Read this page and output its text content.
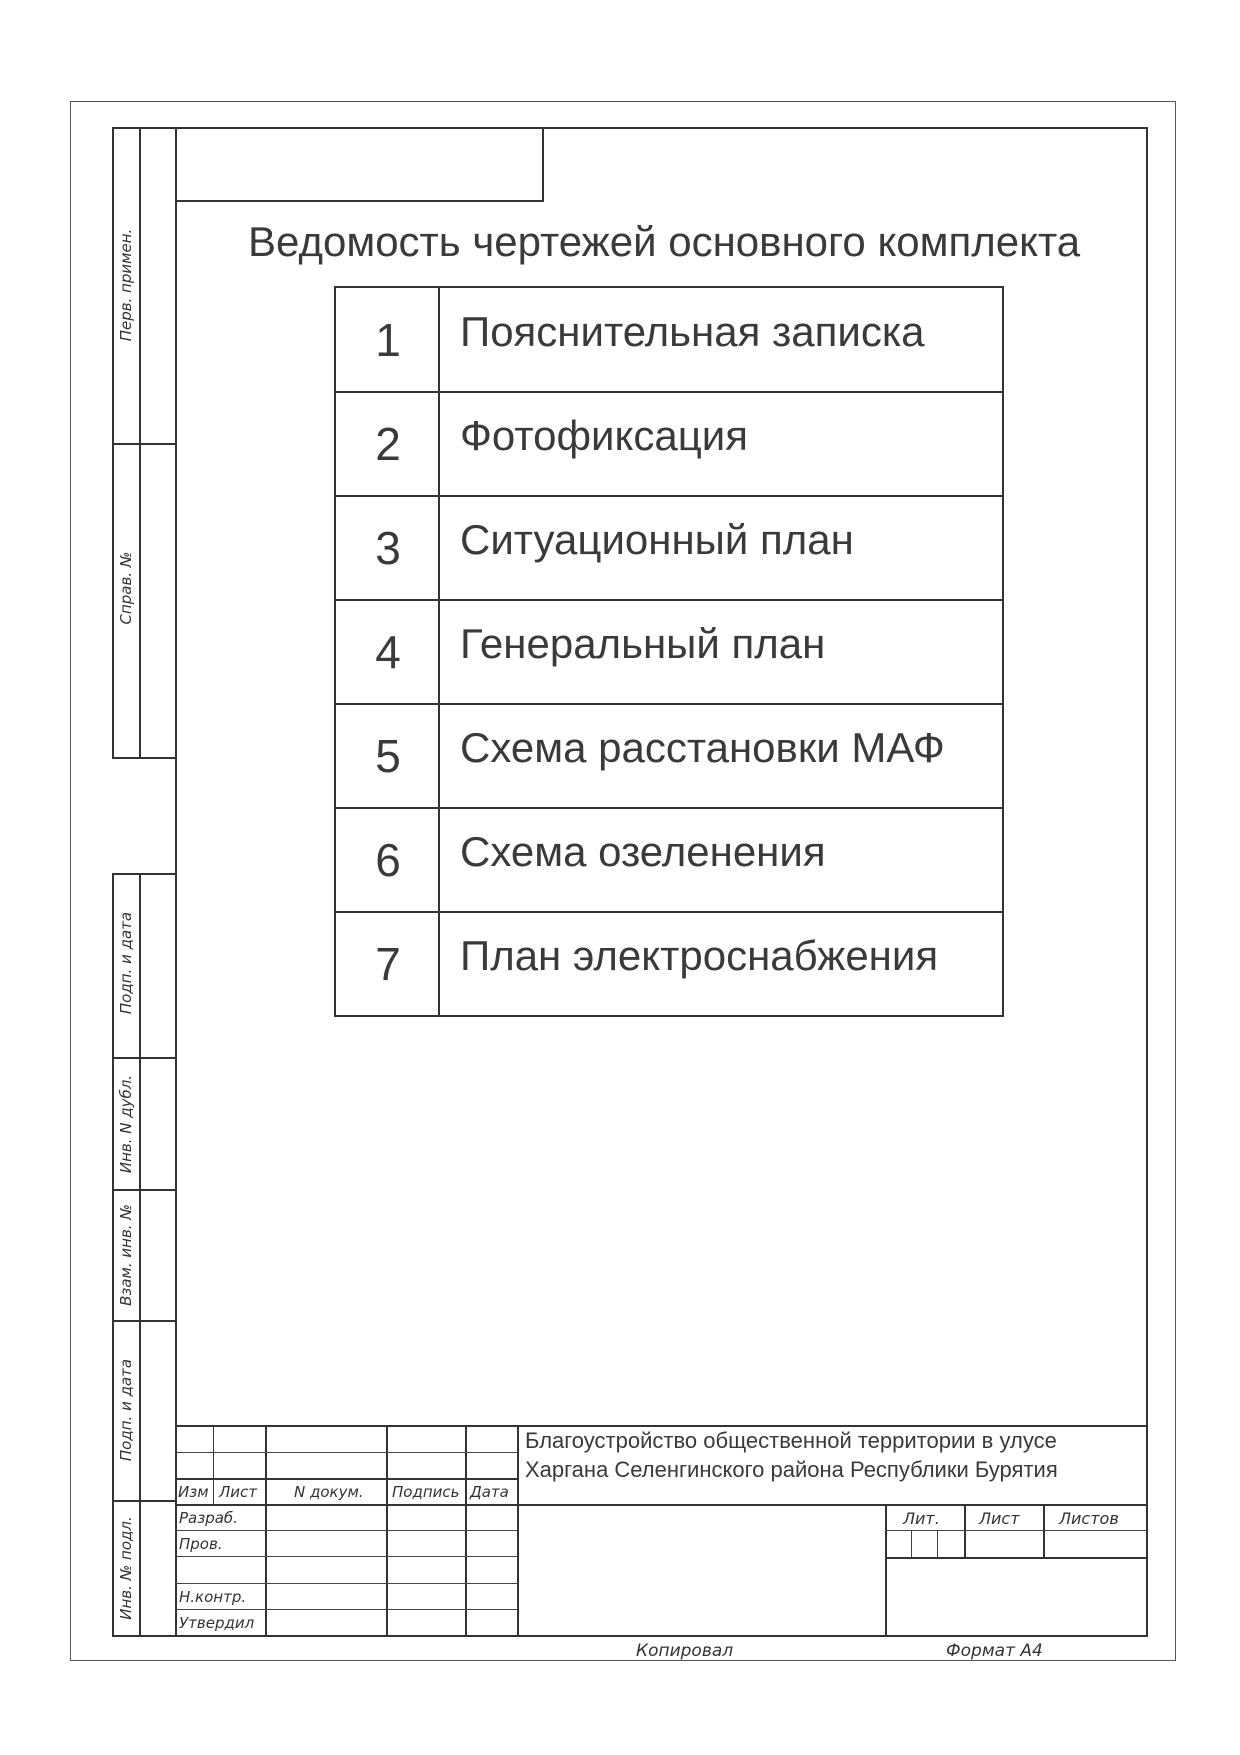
Перв. примен.
Справ. №
Подп. и дата
Инв. N дубл.
Взам. инв. №
Подп. и дата
Инв. № подл.
Ведомость чертежей основного комплекта
1	Пояснительная записка
2	Фотофиксация
3	Ситуационный план
4	Генеральный план
5	Схема расстановки МАФ
6	Схема озеленения
7	План электроснабжения
Изм Лист N докум. Подпись Дата
Разраб.
Пров.
Н.контр.
Утвердил
Благоустройство общественной территории в улусе
Харгана Селенгинского района Республики Бурятия
Лит. Лист Листов
Копировал	Формат А4
